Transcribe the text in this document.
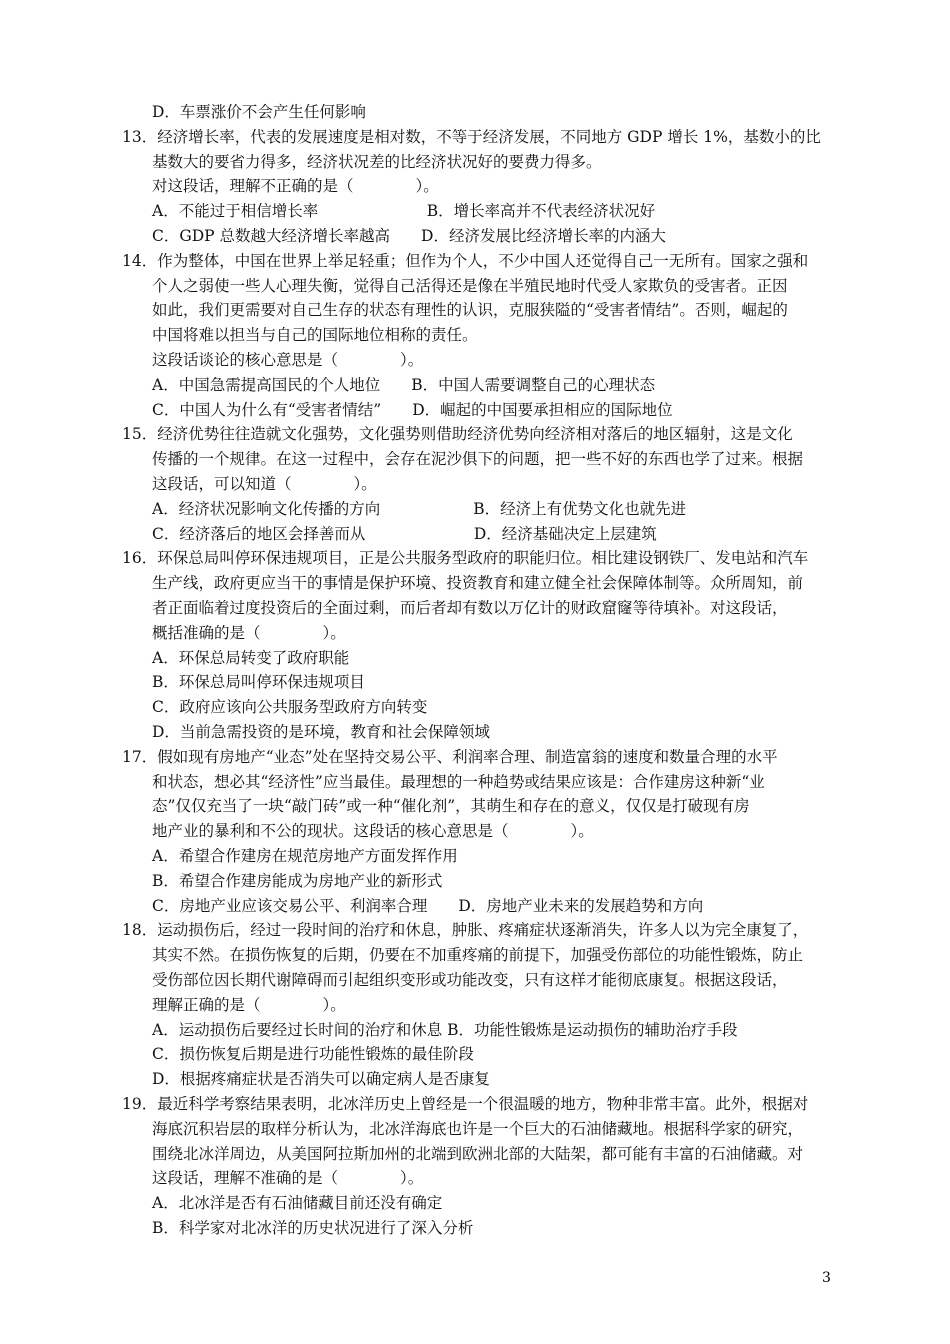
D．车票涨价不会产生任何影响
13．经济增长率，代表的发展速度是相对数，不等于经济发展，不同地方 GDP 增长 1%，基数小的比
基数大的要省力得多，经济状况差的比经济状况好的要费力得多。
对这段话，理解不正确的是（　　　　）。
A．不能过于相信增长率　　　　　　　B．增长率高并不代表经济状况好
C．GDP 总数越大经济增长率越高　　D．经济发展比经济增长率的内涵大
14．作为整体，中国在世界上举足轻重；但作为个人，不少中国人还觉得自己一无所有。国家之强和
个人之弱使一些人心理失衡，觉得自己活得还是像在半殖民地时代受人家欺负的受害者。正因
如此，我们更需要对自己生存的状态有理性的认识，克服狭隘的“受害者情结”。否则，崛起的
中国将难以担当与自己的国际地位相称的责任。
这段话谈论的核心意思是（　　　　）。
A．中国急需提高国民的个人地位　　B．中国人需要调整自己的心理状态
C．中国人为什么有“受害者情结”　　D．崛起的中国要承担相应的国际地位
15．经济优势往往造就文化强势，文化强势则借助经济优势向经济相对落后的地区辐射，这是文化
传播的一个规律。在这一过程中，会存在泥沙俱下的问题，把一些不好的东西也学了过来。根据
这段话，可以知道（　　　　）。
A．经济状况影响文化传播的方向　　　　　　B．经济上有优势文化也就先进
C．经济落后的地区会择善而从　　　　　　　D．经济基础决定上层建筑
16．环保总局叫停环保违规项目，正是公共服务型政府的职能归位。相比建设钢铁厂、发电站和汽车
生产线，政府更应当干的事情是保护环境、投资教育和建立健全社会保障体制等。众所周知，前
者正面临着过度投资后的全面过剩，而后者却有数以万亿计的财政窟窿等待填补。对这段话，
概括准确的是（　　　　）。
A．环保总局转变了政府职能
B．环保总局叫停环保违规项目
C．政府应该向公共服务型政府方向转变
D．当前急需投资的是环境，教育和社会保障领域
17．假如现有房地产“业态”处在坚持交易公平、利润率合理、制造富翁的速度和数量合理的水平
和状态，想必其“经济性”应当最佳。最理想的一种趋势或结果应该是：合作建房这种新“业
态”仅仅充当了一块“敲门砖”或一种“催化剂”，其萌生和存在的意义，仅仅是打破现有房
地产业的暴利和不公的现状。这段话的核心意思是（　　　　）。
A．希望合作建房在规范房地产方面发挥作用
B．希望合作建房能成为房地产业的新形式
C．房地产业应该交易公平、利润率合理　　D．房地产业未来的发展趋势和方向
18．运动损伤后，经过一段时间的治疗和休息，肿胀、疼痛症状逐渐消失，许多人以为完全康复了，
其实不然。在损伤恢复的后期，仍要在不加重疼痛的前提下，加强受伤部位的功能性锻炼，防止
受伤部位因长期代谢障碍而引起组织变形或功能改变，只有这样才能彻底康复。根据这段话，
理解正确的是（　　　　）。
A．运动损伤后要经过长时间的治疗和休息 B．功能性锻炼是运动损伤的辅助治疗手段
C．损伤恢复后期是进行功能性锻炼的最佳阶段
D．根据疼痛症状是否消失可以确定病人是否康复
19．最近科学考察结果表明，北冰洋历史上曾经是一个很温暖的地方，物种非常丰富。此外，根据对
海底沉积岩层的取样分析认为，北冰洋海底也许是一个巨大的石油储藏地。根据科学家的研究，
围绕北冰洋周边，从美国阿拉斯加州的北端到欧洲北部的大陆架，都可能有丰富的石油储藏。对
这段话，理解不准确的是（　　　　）。
A．北冰洋是否有石油储藏目前还没有确定
B．科学家对北冰洋的历史状况进行了深入分析
3
